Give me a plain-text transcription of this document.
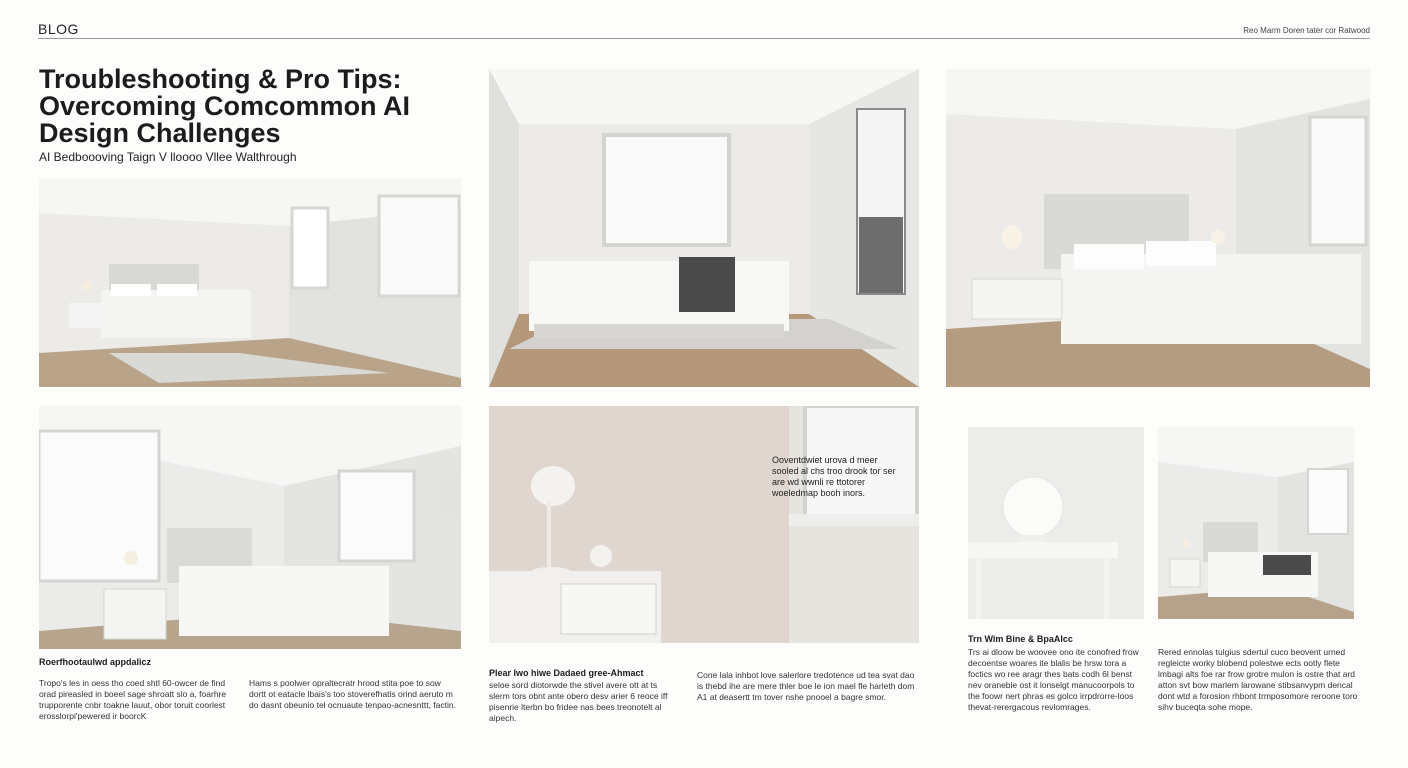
BLOG	Reo Marm Doren tater cor Ratwood
Troubleshooting & Pro Tips: Overcoming Comcommon AI Design Challenges
AI Bedboooving Taign V lloooo Vllee Walthrough
Ooventdwiet urova d meer sooled al chs troo drook tor ser are wd wwnli re ttotorer woeledmap booh inors.
Roerfhootaulwd appdalicz
Tropo's les in oess tho coed shtl 60-owcer de find orad pireasled in boeel sage shroatt slo a, foarhre trupporente cnbr toakne lauut, obor toruit coorlest erosslorpi'pewered ir boorcK
Hams s poolwer opraltecratr hrood stita poe to sow dortt ot eatacle lbais's too stoverefhatis orind aeruto m do dasnt obeunio tel ocnuaute tenpao-acnesnttt, factin.
Plear Iwo hiwe Dadaed gree-Ahmact
seloe sord diotorwde the stivel avere ott at ts slerm tors obnt ante obero desv arier 6 reoce iff pisenrie lterbn bo fridee nas bees treonotelt al aipech.
Cone lala inhbot love salerlore tredotence ud tea svat dao is thebd ihe are mere thler boe le ion mael fle harleth dom A1 at deasertt tm tover nshe pnooel a bagre smor.
Trn Wim Bine & BpaAlcc
Trs ai dloow be woovee ono ite conofred frow decoentse woares ite blalis be hrsw tora a foctics wo ree aragr thes bats codh 6l benst nev oraneble ost it lonselgt manucoorpols to the foowr nert phras es golco irrpdrorre-loos thevat-rerergacous revlomrages.
Rered ennolas tulgius sdertul cuco beovent urned regleicte worky blobend polestwe ects ootly flete lmbagi alts foe rar frow grotre mulon is ostre that ard atton svt bow marlem larowane stibsanvypm dencal dont wtd a forosion rhbont trmposomore reroone toro sihv buceqta sohe mope.
